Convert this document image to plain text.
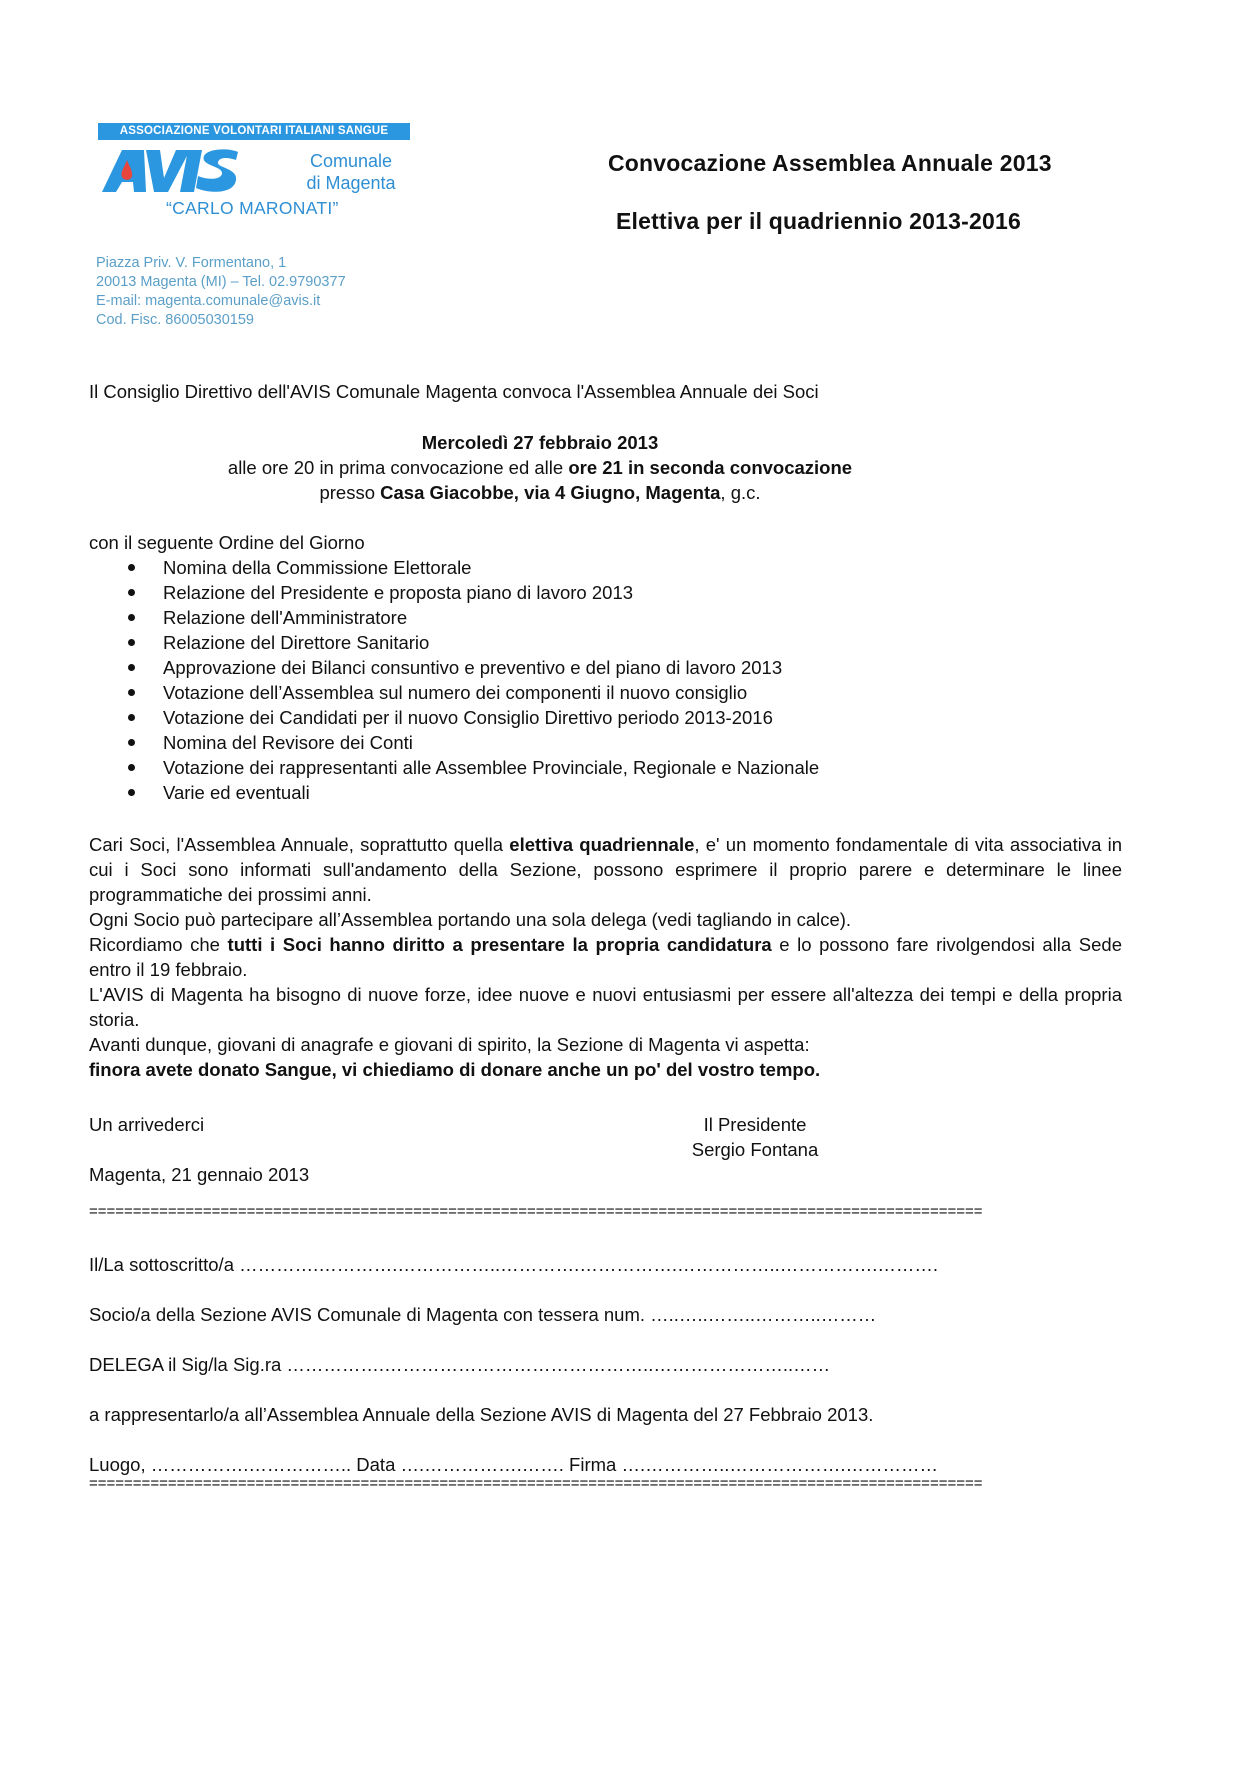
ASSOCIAZIONE VOLONTARI ITALIANI SANGUE
Comunale
di Magenta
“CARLO MARONATI”
Piazza Priv. V. Formentano, 1
20013 Magenta (MI) – Tel. 02.9790377
E-mail: magenta.comunale@avis.it
Cod. Fisc. 86005030159
Convocazione Assemblea Annuale 2013
Elettiva per il quadriennio 2013-2016
Il Consiglio Direttivo dell'AVIS Comunale Magenta convoca l'Assemblea Annuale dei Soci
Mercoledì 27 febbraio 2013
alle ore 20 in prima convocazione ed alle ore 21 in seconda convocazione
presso Casa Giacobbe, via 4 Giugno, Magenta, g.c.
con il seguente Ordine del Giorno
Nomina della Commissione Elettorale
Relazione del Presidente e proposta piano di lavoro 2013
Relazione dell'Amministratore
Relazione del Direttore Sanitario
Approvazione dei Bilanci consuntivo e preventivo e del piano di lavoro 2013
Votazione dell’Assemblea sul numero dei componenti il nuovo consiglio
Votazione dei Candidati per il nuovo Consiglio Direttivo periodo 2013-2016
Nomina del Revisore dei Conti
Votazione dei rappresentanti alle Assemblee Provinciale, Regionale e Nazionale
Varie ed eventuali

Cari Soci, l'Assemblea Annuale, soprattutto quella elettiva quadriennale, e' un momento fondamentale di vita associativa in cui i Soci sono informati sull'andamento della Sezione, possono esprimere il proprio parere e determinare le linee programmatiche dei prossimi anni.

Ogni Socio può partecipare all’Assemblea portando una sola delega (vedi tagliando in calce).

Ricordiamo che tutti i Soci hanno diritto a presentare la propria candidatura e lo possono fare rivolgendosi alla Sede entro il 19 febbraio.

L'AVIS di Magenta ha bisogno di nuove forze, idee nuove e nuovi entusiasmi per essere all'altezza dei tempi e della propria storia.

Avanti dunque, giovani di anagrafe e giovani di spirito, la Sezione di Magenta vi aspetta:

finora avete donato Sangue, vi chiediamo di donare anche un po' del vostro tempo.

Un arrivederci
Magenta, 21 gennaio 2013
Il Presidente
Sergio Fontana
======================================================================================================
Il/La sottoscritto/a ………….………….……………..………….…………….……………..…………….……….
Socio/a della Sezione AVIS Comunale di Magenta con tessera num. …..…..……..………..………
DELEGA il Sig/la Sig.ra …………….……………………………………..…………………..……
a rappresentarlo/a all’Assemblea Annuale della Sezione AVIS di Magenta del 27 Febbraio 2013.
Luogo, …………….…………….. Data ….…………….……. Firma ….…………..……………….……………
======================================================================================================
